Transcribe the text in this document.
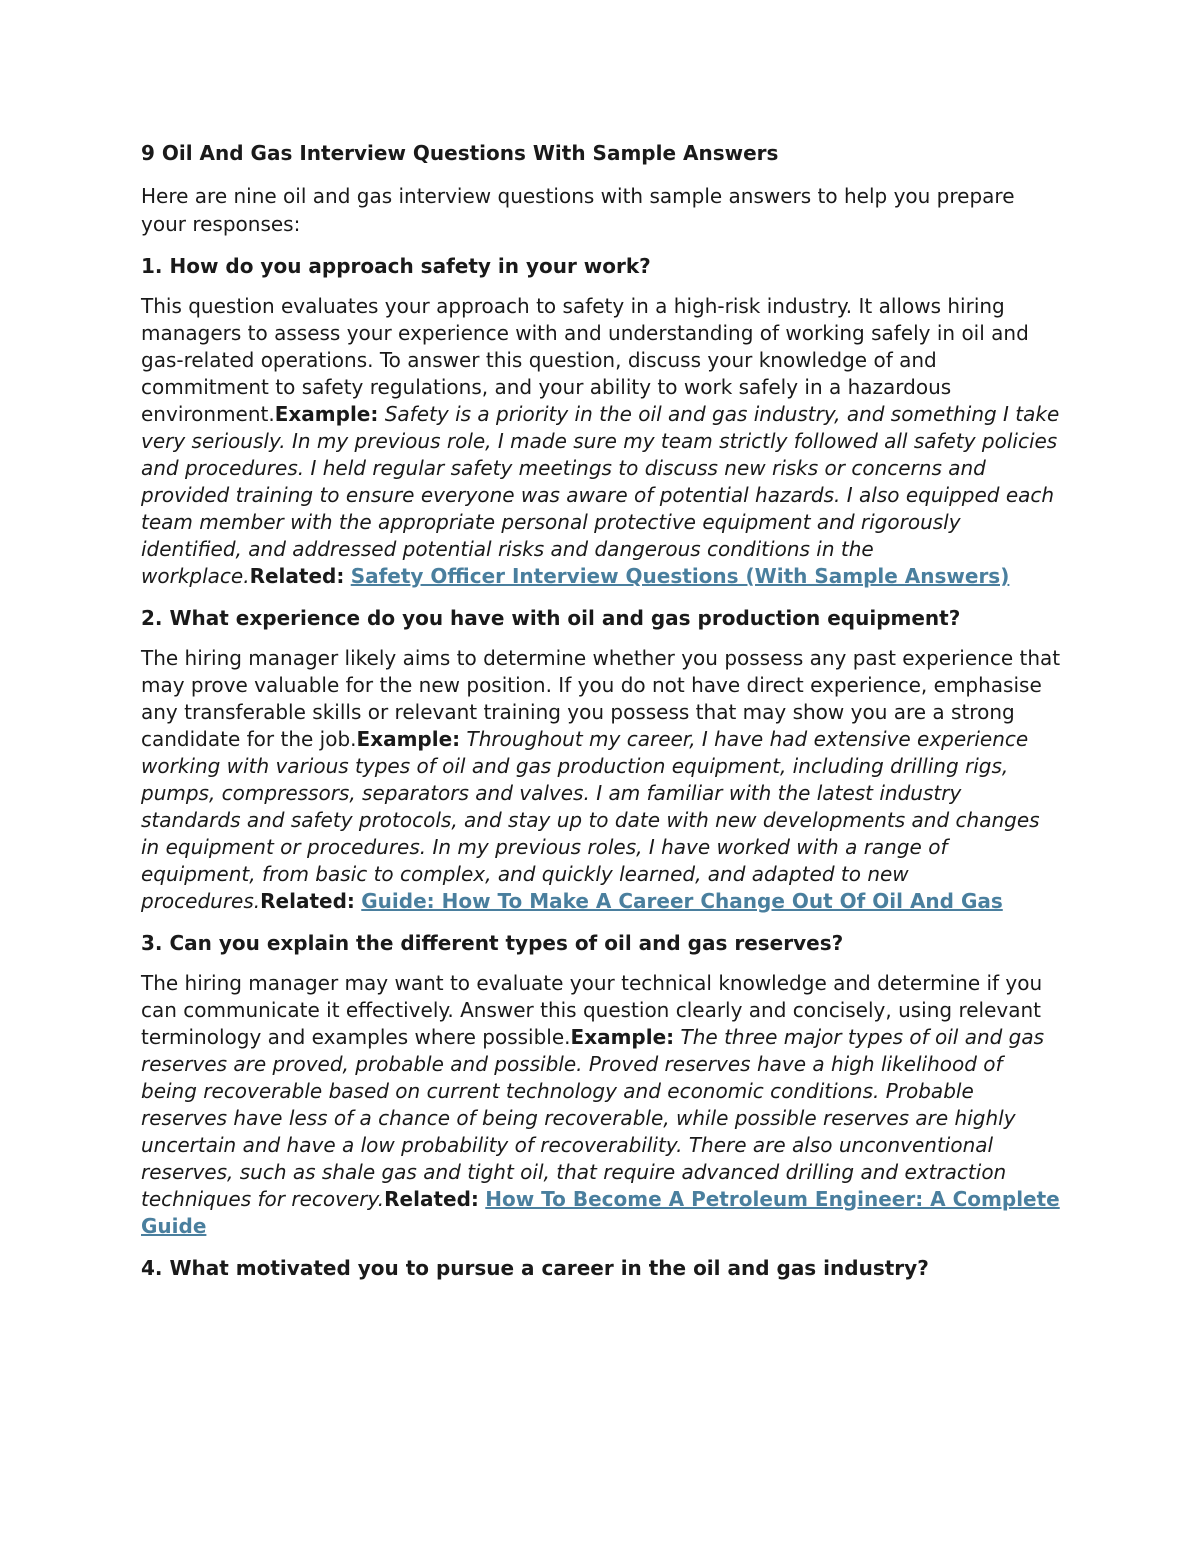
9 Oil And Gas Interview Questions With Sample Answers
Here are nine oil and gas interview questions with sample answers to help you prepare your responses:
1. How do you approach safety in your work?
This question evaluates your approach to safety in a high-risk industry. It allows hiring managers to assess your experience with and understanding of working safely in oil and gas-related operations. To answer this question, discuss your knowledge of and commitment to safety regulations, and your ability to work safely in a hazardous environment.Example: Safety is a priority in the oil and gas industry, and something I take very seriously. In my previous role, I made sure my team strictly followed all safety policies and procedures. I held regular safety meetings to discuss new risks or concerns and provided training to ensure everyone was aware of potential hazards. I also equipped each team member with the appropriate personal protective equipment and rigorously identified, and addressed potential risks and dangerous conditions in the workplace.Related: Safety Officer Interview Questions (With Sample Answers)
2. What experience do you have with oil and gas production equipment?
The hiring manager likely aims to determine whether you possess any past experience that may prove valuable for the new position. If you do not have direct experience, emphasise any transferable skills or relevant training you possess that may show you are a strong candidate for the job.Example: Throughout my career, I have had extensive experience working with various types of oil and gas production equipment, including drilling rigs, pumps, compressors, separators and valves. I am familiar with the latest industry standards and safety protocols, and stay up to date with new developments and changes in equipment or procedures. In my previous roles, I have worked with a range of equipment, from basic to complex, and quickly learned, and adapted to new procedures.Related: Guide: How To Make A Career Change Out Of Oil And Gas
3. Can you explain the different types of oil and gas reserves?
The hiring manager may want to evaluate your technical knowledge and determine if you can communicate it effectively. Answer this question clearly and concisely, using relevant terminology and examples where possible.Example: The three major types of oil and gas reserves are proved, probable and possible. Proved reserves have a high likelihood of being recoverable based on current technology and economic conditions. Probable reserves have less of a chance of being recoverable, while possible reserves are highly uncertain and have a low probability of recoverability. There are also unconventional reserves, such as shale gas and tight oil, that require advanced drilling and extraction techniques for recovery.Related: How To Become A Petroleum Engineer: A Complete Guide
4. What motivated you to pursue a career in the oil and gas industry?
